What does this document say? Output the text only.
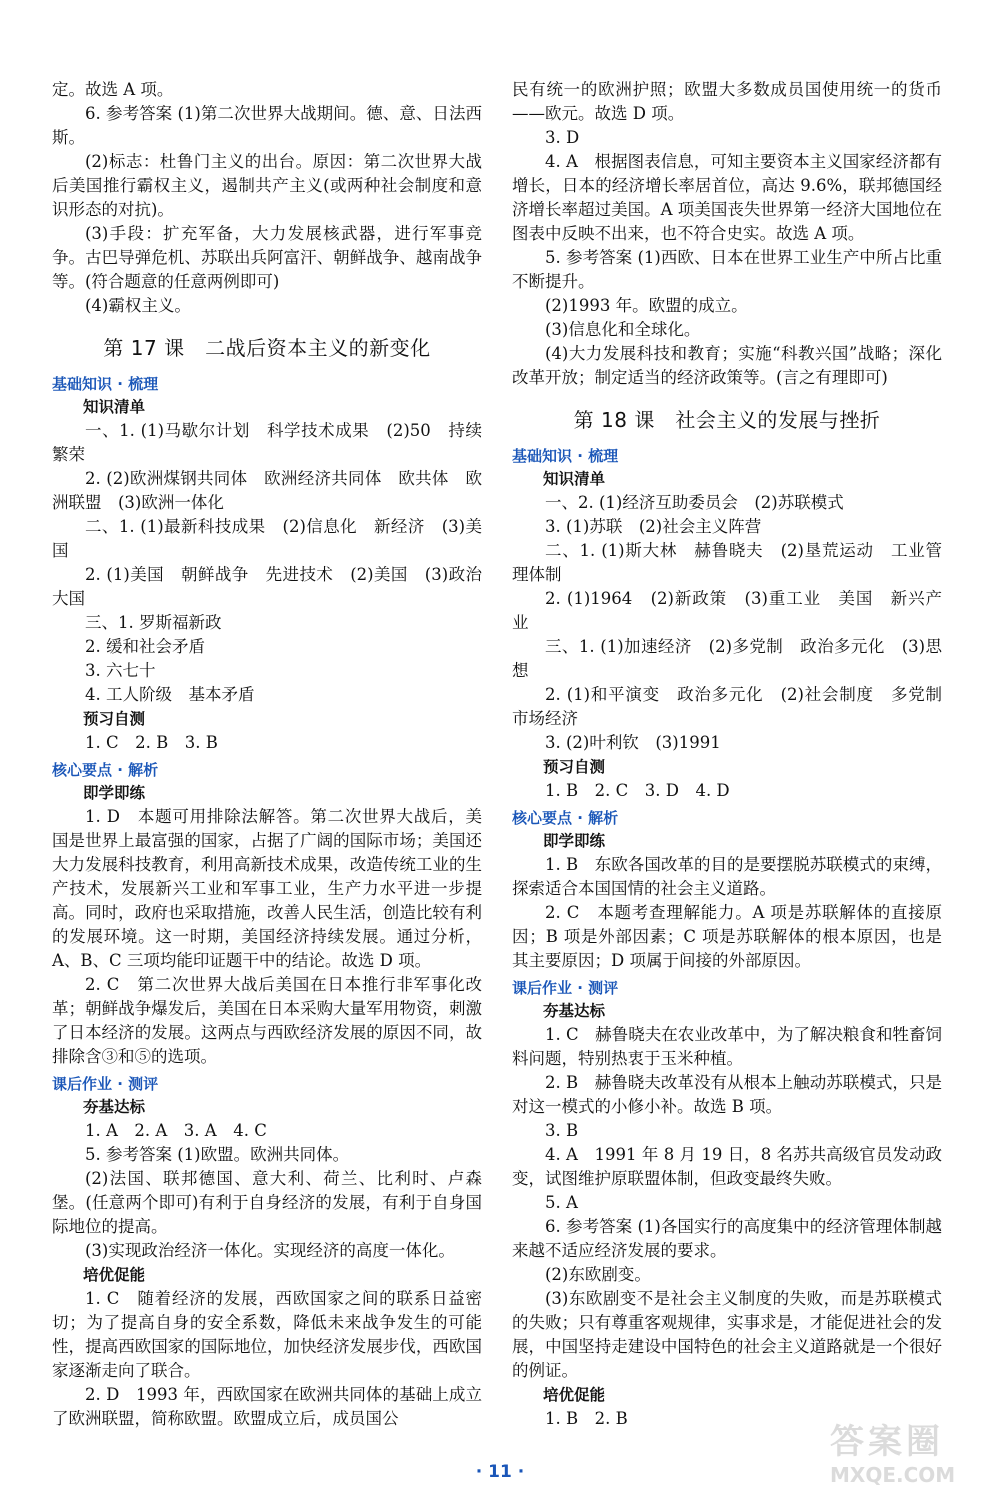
定。故选 A 项。
6. 参考答案 (1)第二次世界大战期间。德、意、日法西斯。
(2)标志：杜鲁门主义的出台。原因：第二次世界大战后美国推行霸权主义，遏制共产主义(或两种社会制度和意识形态的对抗)。
(3)手段：扩充军备，大力发展核武器，进行军事竞争。古巴导弹危机、苏联出兵阿富汗、朝鲜战争、越南战争等。(符合题意的任意两例即可)
(4)霸权主义。
第 17 课　二战后资本主义的新变化
基础知识 · 梳理
知识清单
一、1. (1)马歇尔计划　科学技术成果　(2)50　持续繁荣
2. (2)欧洲煤钢共同体　欧洲经济共同体　欧共体　欧洲联盟　(3)欧洲一体化
二、1. (1)最新科技成果　(2)信息化　新经济　(3)美国
2. (1)美国　朝鲜战争　先进技术　(2)美国　(3)政治大国
三、1. 罗斯福新政
2. 缓和社会矛盾
3. 六七十
4. 工人阶级　基本矛盾
预习自测
1. C　2. B　3. B
核心要点 · 解析
即学即练
1. D　本题可用排除法解答。第二次世界大战后，美国是世界上最富强的国家，占据了广阔的国际市场；美国还大力发展科技教育，利用高新技术成果，改造传统工业的生产技术，发展新兴工业和军事工业，生产力水平进一步提高。同时，政府也采取措施，改善人民生活，创造比较有利的发展环境。这一时期，美国经济持续发展。通过分析，A、B、C 三项均能印证题干中的结论。故选 D 项。
2. C　第二次世界大战后美国在日本推行非军事化改革；朝鲜战争爆发后，美国在日本采购大量军用物资，刺激了日本经济的发展。这两点与西欧经济发展的原因不同，故排除含③和⑤的选项。
课后作业 · 测评
夯基达标
1. A　2. A　3. A　4. C
5. 参考答案 (1)欧盟。欧洲共同体。
(2)法国、联邦德国、意大利、荷兰、比利时、卢森堡。(任意两个即可)有利于自身经济的发展，有利于自身国际地位的提高。
(3)实现政治经济一体化。实现经济的高度一体化。
培优促能
1. C　随着经济的发展，西欧国家之间的联系日益密切；为了提高自身的安全系数，降低未来战争发生的可能性，提高西欧国家的国际地位，加快经济发展步伐，西欧国家逐渐走向了联合。
2. D　1993 年，西欧国家在欧洲共同体的基础上成立了欧洲联盟，简称欧盟。欧盟成立后，成员国公
民有统一的欧洲护照；欧盟大多数成员国使用统一的货币——欧元。故选 D 项。
3. D
4. A　根据图表信息，可知主要资本主义国家经济都有增长，日本的经济增长率居首位，高达 9.6%，联邦德国经济增长率超过美国。A 项美国丧失世界第一经济大国地位在图表中反映不出来，也不符合史实。故选 A 项。
5. 参考答案 (1)西欧、日本在世界工业生产中所占比重不断提升。
(2)1993 年。欧盟的成立。
(3)信息化和全球化。
(4)大力发展科技和教育；实施“科教兴国”战略；深化改革开放；制定适当的经济政策等。(言之有理即可)
第 18 课　社会主义的发展与挫折
基础知识 · 梳理
知识清单
一、2. (1)经济互助委员会　(2)苏联模式
3. (1)苏联　(2)社会主义阵营
二、1. (1)斯大林　赫鲁晓夫　(2)垦荒运动　工业管理体制
2. (1)1964　(2)新政策　(3)重工业　美国　新兴产业
三、1. (1)加速经济　(2)多党制　政治多元化　(3)思想
2. (1)和平演变　政治多元化　(2)社会制度　多党制　市场经济
3. (2)叶利钦　(3)1991
预习自测
1. B　2. C　3. D　4. D
核心要点 · 解析
即学即练
1. B　东欧各国改革的目的是要摆脱苏联模式的束缚，探索适合本国国情的社会主义道路。
2. C　本题考查理解能力。A 项是苏联解体的直接原因；B 项是外部因素；C 项是苏联解体的根本原因，也是其主要原因；D 项属于间接的外部原因。
课后作业 · 测评
夯基达标
1. C　赫鲁晓夫在农业改革中，为了解决粮食和牲畜饲料问题，特别热衷于玉米种植。
2. B　赫鲁晓夫改革没有从根本上触动苏联模式，只是对这一模式的小修小补。故选 B 项。
3. B
4. A　1991 年 8 月 19 日，8 名苏共高级官员发动政变，试图维护原联盟体制，但政变最终失败。
5. A
6. 参考答案 (1)各国实行的高度集中的经济管理体制越来越不适应经济发展的要求。
(2)东欧剧变。
(3)东欧剧变不是社会主义制度的失败，而是苏联模式的失败；只有尊重客观规律，实事求是，才能促进社会的发展，中国坚持走建设中国特色的社会主义道路就是一个很好的例证。
培优促能
1. B　2. B
· 11 ·
答案圈
MXQE.COM
